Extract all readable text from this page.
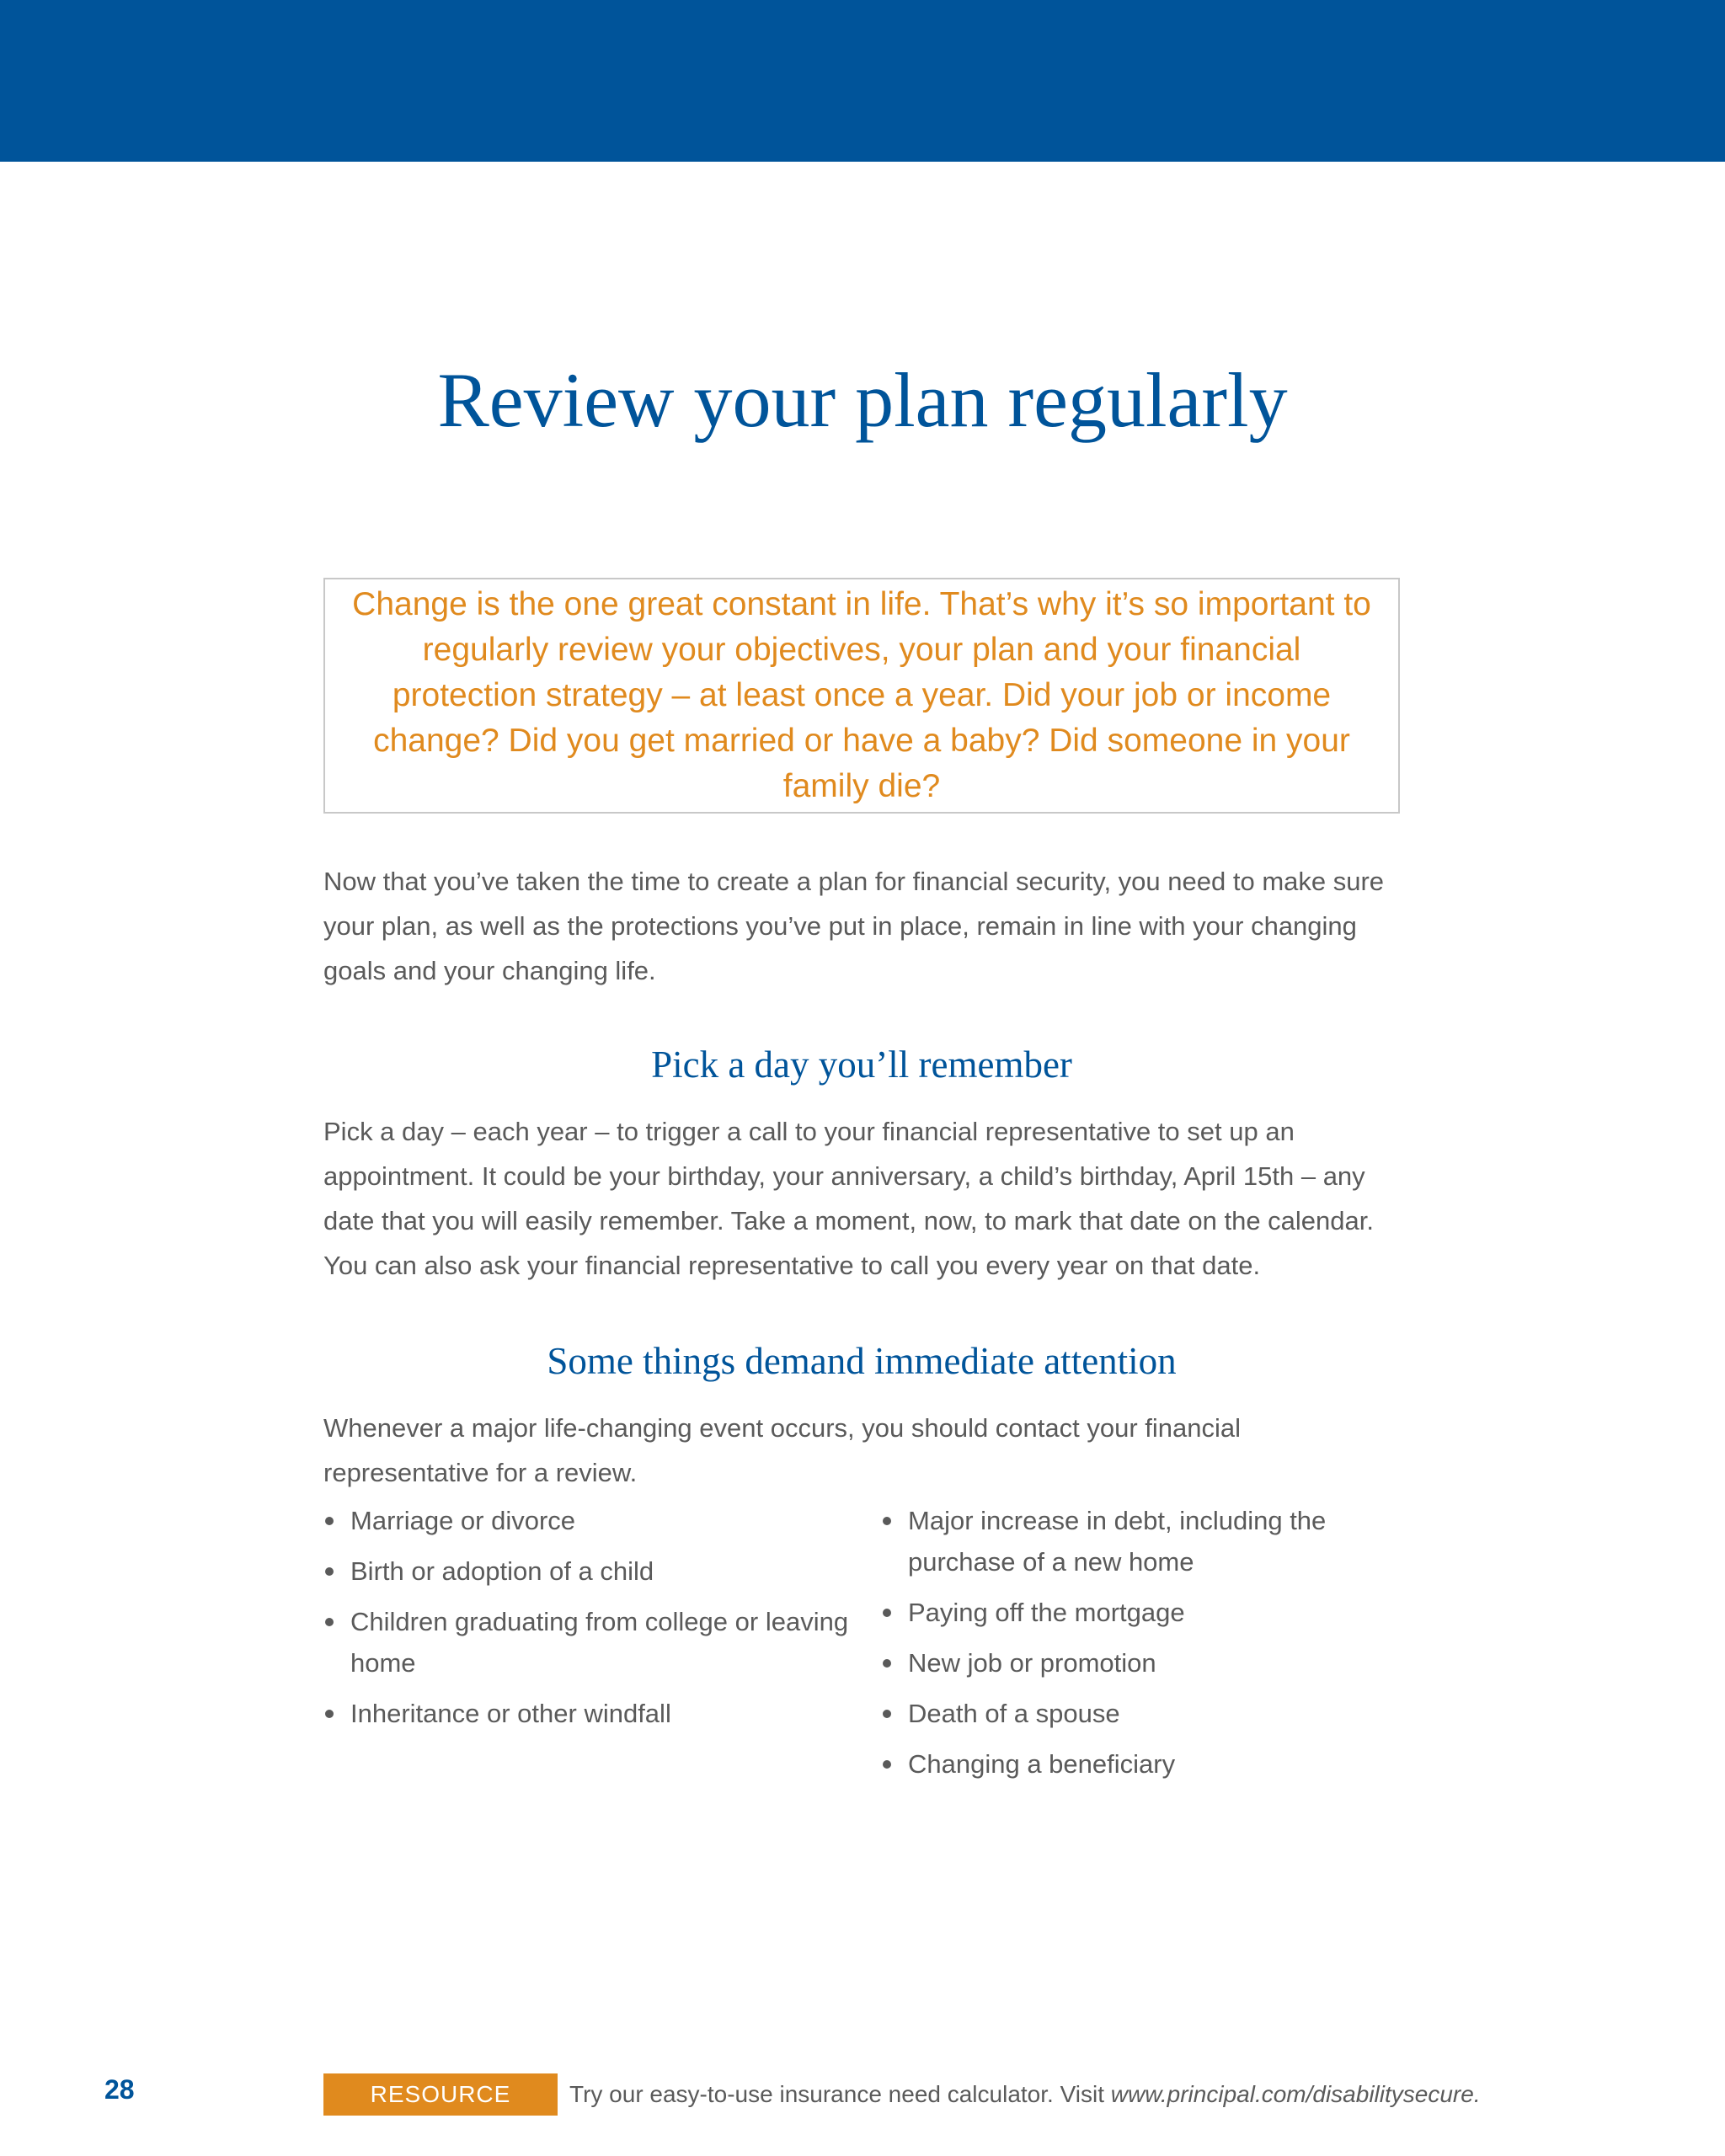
Review your plan regularly

Change is the one great constant in life. That’s why it’s so important to regularly review your objectives, your plan and your financial protection strategy – at least once a year. Did your job or income change? Did you get married or have a baby? Did someone in your family die?

Now that you’ve taken the time to create a plan for financial security, you need to make sure your plan, as well as the protections you’ve put in place, remain in line with your changing goals and your changing life.

Pick a day you’ll remember

Pick a day – each year – to trigger a call to your financial representative to set up an appointment. It could be your birthday, your anniversary, a child’s birthday, April 15th – any date that you will easily remember. Take a moment, now, to mark that date on the calendar. You can also ask your financial representative to call you every year on that date.

Some things demand immediate attention

Whenever a major life-changing event occurs, you should contact your financial representative for a review.

Marriage or divorce
Birth or adoption of a child
Children graduating from college or leaving home
Inheritance or other windfall
Major increase in debt, including the purchase of a new home
Paying off the mortgage
New job or promotion
Death of a spouse
Changing a beneficiary
28	RESOURCE	Try our easy-to-use insurance need calculator. Visit www.principal.com/disabilitysecure.
